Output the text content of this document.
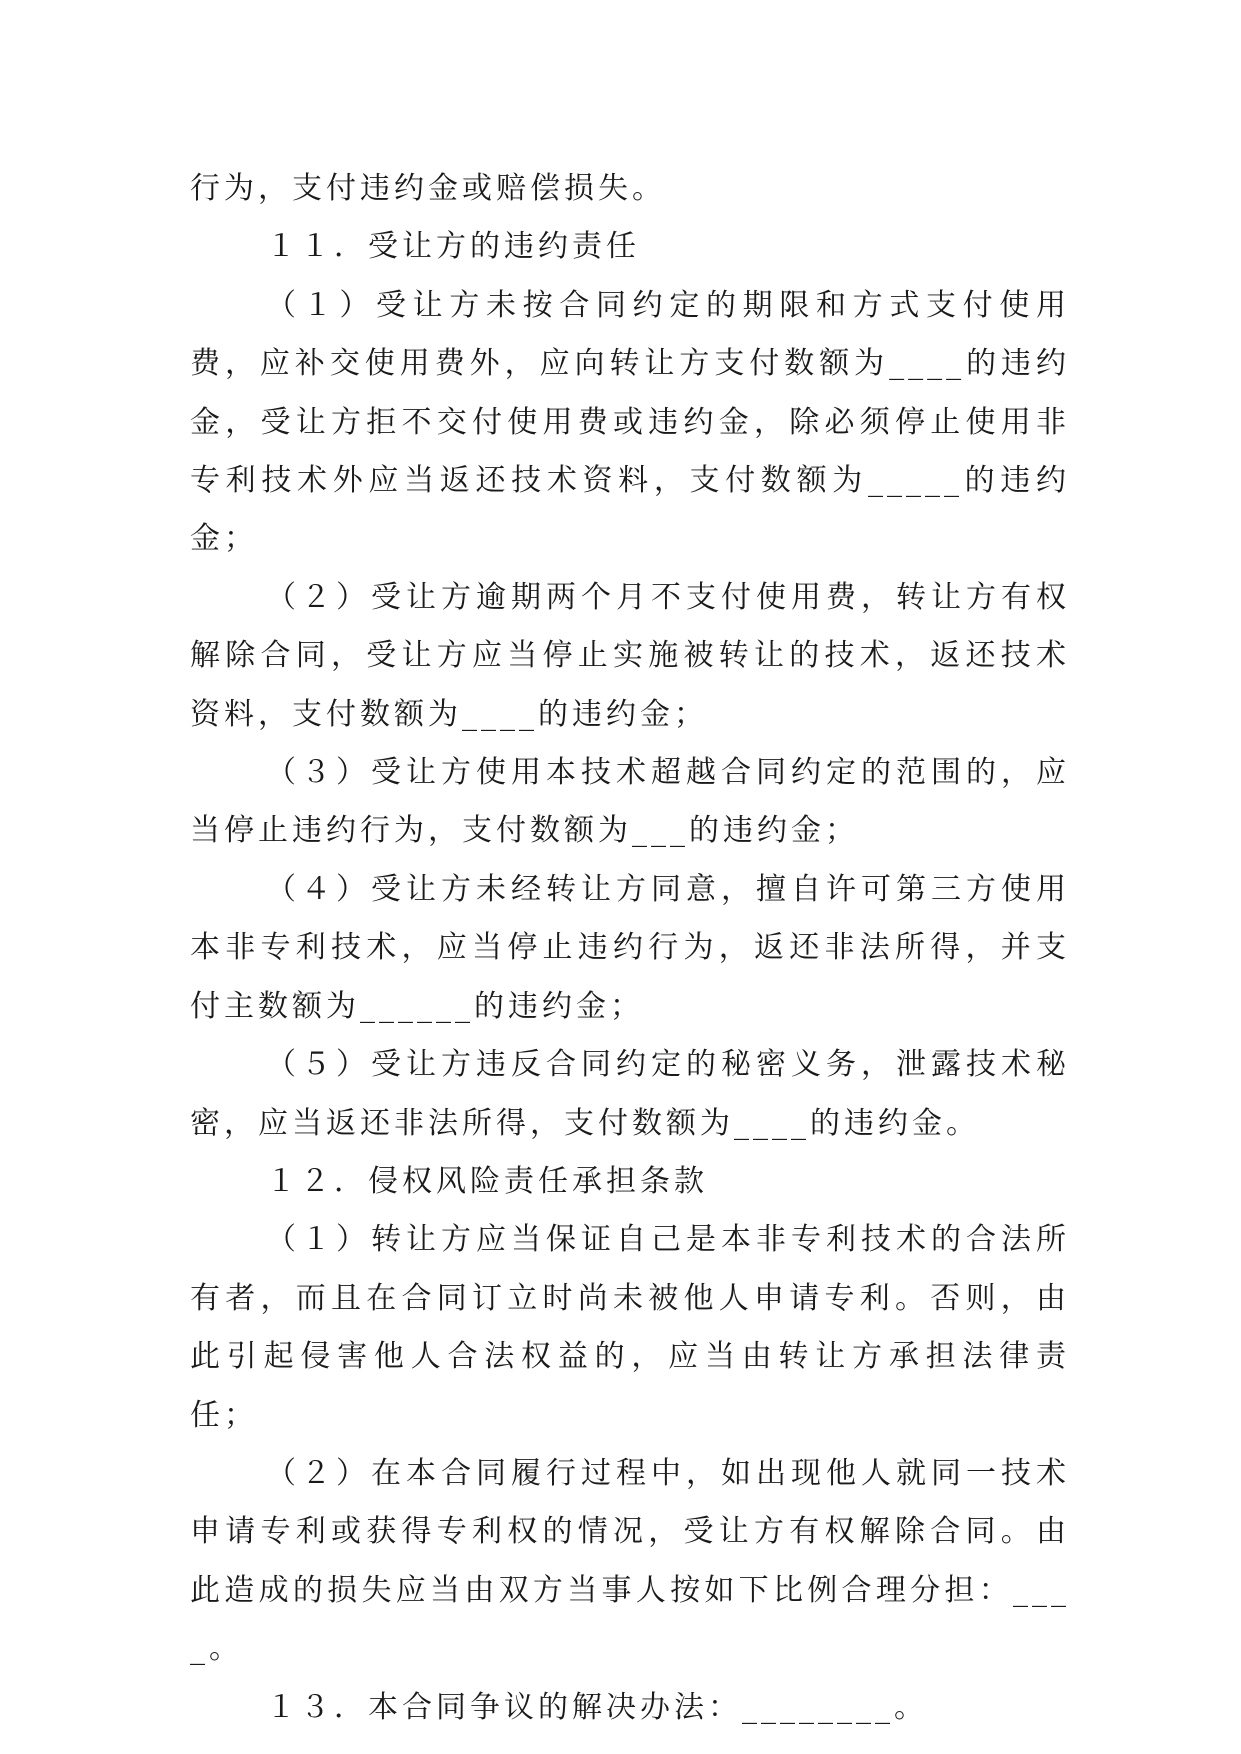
行为，支付违约金或赔偿损失。

１１．受让方的违约责任

（１）受让方未按合同约定的期限和方式支付使用费，应补交使用费外，应向转让方支付数额为____的违约金，受让方拒不交付使用费或违约金，除必须停止使用非专利技术外应当返还技术资料，支付数额为_____的违约金；

（２）受让方逾期两个月不支付使用费，转让方有权解除合同，受让方应当停止实施被转让的技术，返还技术资料，支付数额为____的违约金；

（３）受让方使用本技术超越合同约定的范围的，应当停止违约行为，支付数额为___的违约金；

（４）受让方未经转让方同意，擅自许可第三方使用本非专利技术，应当停止违约行为，返还非法所得，并支付主数额为______的违约金；

（５）受让方违反合同约定的秘密义务，泄露技术秘密，应当返还非法所得，支付数额为____的违约金。

１２．侵权风险责任承担条款

（１）转让方应当保证自己是本非专利技术的合法所有者，而且在合同订立时尚未被他人申请专利。否则，由此引起侵害他人合法权益的，应当由转让方承担法律责任；

（２）在本合同履行过程中，如出现他人就同一技术申请专利或获得专利权的情况，受让方有权解除合同。由此造成的损失应当由双方当事人按如下比例合理分担：____。

１３．本合同争议的解决办法：________。
